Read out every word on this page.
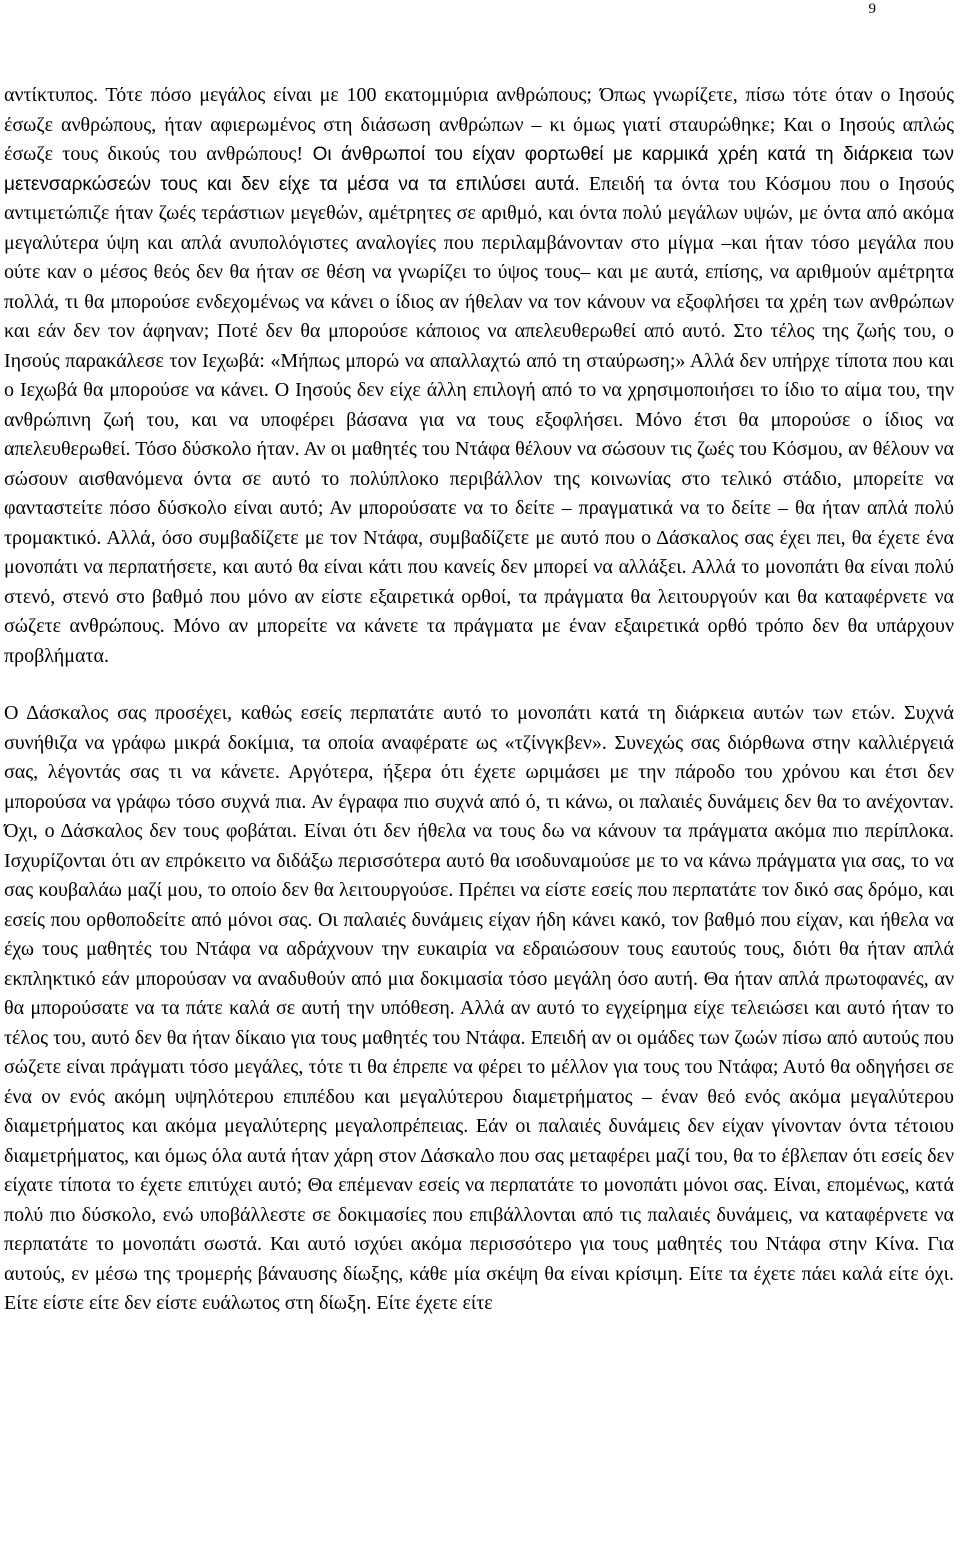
9

αντίκτυπος. Τότε πόσο μεγάλος είναι με 100 εκατομμύρια ανθρώπους; Όπως γνωρίζετε, πίσω τότε όταν ο Ιησούς έσωζε ανθρώπους, ήταν αφιερωμένος στη διάσωση ανθρώπων – κι όμως γιατί σταυρώθηκε; Και ο Ιησούς απλώς έσωζε τους δικούς του ανθρώπους! Οι άνθρωποί του είχαν φορτωθεί με καρμικά χρέη κατά τη διάρκεια των μετενσαρκώσεών τους και δεν είχε τα μέσα να τα επιλύσει αυτά. Επειδή τα όντα του Κόσμου που ο Ιησούς αντιμετώπιζε ήταν ζωές τεράστιων μεγεθών, αμέτρητες σε αριθμό, και όντα πολύ μεγάλων υψών, με όντα από ακόμα μεγαλύτερα ύψη και απλά ανυπολόγιστες αναλογίες που περιλαμβάνονταν στο μίγμα –και ήταν τόσο μεγάλα που ούτε καν ο μέσος θεός δεν θα ήταν σε θέση να γνωρίζει το ύψος τους– και με αυτά, επίσης, να αριθμούν αμέτρητα πολλά, τι θα μπορούσε ενδεχομένως να κάνει ο ίδιος αν ήθελαν να τον κάνουν να εξοφλήσει τα χρέη των ανθρώπων και εάν δεν τον άφηναν; Ποτέ δεν θα μπορούσε κάποιος να απελευθερωθεί από αυτό. Στο τέλος της ζωής του, ο Ιησούς παρακάλεσε τον Ιεχωβά: «Μήπως μπορώ να απαλλαχτώ από τη σταύρωση;» Αλλά δεν υπήρχε τίποτα που και ο Ιεχωβά θα μπορούσε να κάνει. Ο Ιησούς δεν είχε άλλη επιλογή από το να χρησιμοποιήσει το ίδιο το αίμα του, την ανθρώπινη ζωή του, και να υποφέρει βάσανα για να τους εξοφλήσει. Μόνο έτσι θα μπορούσε ο ίδιος να απελευθερωθεί. Τόσο δύσκολο ήταν. Αν οι μαθητές του Ντάφα θέλουν να σώσουν τις ζωές του Κόσμου, αν θέλουν να σώσουν αισθανόμενα όντα σε αυτό το πολύπλοκο περιβάλλον της κοινωνίας στο τελικό στάδιο, μπορείτε να φανταστείτε πόσο δύσκολο είναι αυτό; Αν μπορούσατε να το δείτε – πραγματικά να το δείτε – θα ήταν απλά πολύ τρομακτικό. Αλλά, όσο συμβαδίζετε με τον Ντάφα, συμβαδίζετε με αυτό που ο Δάσκαλος σας έχει πει, θα έχετε ένα μονοπάτι να περπατήσετε, και αυτό θα είναι κάτι που κανείς δεν μπορεί να αλλάξει. Αλλά το μονοπάτι θα είναι πολύ στενό, στενό στο βαθμό που μόνο αν είστε εξαιρετικά ορθοί, τα πράγματα θα λειτουργούν και θα καταφέρνετε να σώζετε ανθρώπους. Μόνο αν μπορείτε να κάνετε τα πράγματα με έναν εξαιρετικά ορθό τρόπο δεν θα υπάρχουν προβλήματα.

Ο Δάσκαλος σας προσέχει, καθώς εσείς περπατάτε αυτό το μονοπάτι κατά τη διάρκεια αυτών των ετών. Συχνά συνήθιζα να γράφω μικρά δοκίμια, τα οποία αναφέρατε ως «τζίνγκβεν». Συνεχώς σας διόρθωνα στην καλλιέργειά σας, λέγοντάς σας τι να κάνετε. Αργότερα, ήξερα ότι έχετε ωριμάσει με την πάροδο του χρόνου και έτσι δεν μπορούσα να γράφω τόσο συχνά πια. Αν έγραφα πιο συχνά από ό, τι κάνω, οι παλαιές δυνάμεις δεν θα το ανέχονταν. Όχι, ο Δάσκαλος δεν τους φοβάται. Είναι ότι δεν ήθελα να τους δω να κάνουν τα πράγματα ακόμα πιο περίπλοκα. Ισχυρίζονται ότι αν επρόκειτο να διδάξω περισσότερα αυτό θα ισοδυναμούσε με το να κάνω πράγματα για σας, το να σας κουβαλάω μαζί μου, το οποίο δεν θα λειτουργούσε. Πρέπει να είστε εσείς που περπατάτε τον δικό σας δρόμο, και εσείς που ορθοποδείτε από μόνοι σας. Οι παλαιές δυνάμεις είχαν ήδη κάνει κακό, τον βαθμό που είχαν, και ήθελα να έχω τους μαθητές του Ντάφα να αδράχνουν την ευκαιρία να εδραιώσουν τους εαυτούς τους, διότι θα ήταν απλά εκπληκτικό εάν μπορούσαν να αναδυθούν από μια δοκιμασία τόσο μεγάλη όσο αυτή. Θα ήταν απλά πρωτοφανές, αν θα μπορούσατε να τα πάτε καλά σε αυτή την υπόθεση. Αλλά αν αυτό το εγχείρημα είχε τελειώσει και αυτό ήταν το τέλος του, αυτό δεν θα ήταν δίκαιο για τους μαθητές του Ντάφα. Επειδή αν οι ομάδες των ζωών πίσω από αυτούς που σώζετε είναι πράγματι τόσο μεγάλες, τότε τι θα έπρεπε να φέρει το μέλλον για τους του Ντάφα; Αυτό θα οδηγήσει σε ένα ον ενός ακόμη υψηλότερου επιπέδου και μεγαλύτερου διαμετρήματος – έναν θεό ενός ακόμα μεγαλύτερου διαμετρήματος και ακόμα μεγαλύτερης μεγαλοπρέπειας. Εάν οι παλαιές δυνάμεις δεν είχαν γίνονταν όντα τέτοιου διαμετρήματος, και όμως όλα αυτά ήταν χάρη στον Δάσκαλο που σας μεταφέρει μαζί του, θα το έβλεπαν ότι εσείς δεν είχατε τίποτα το έχετε επιτύχει αυτό; Θα επέμεναν εσείς να περπατάτε το μονοπάτι μόνοι σας. Είναι, επομένως, κατά πολύ πιο δύσκολο, ενώ υποβάλλεστε σε δοκιμασίες που επιβάλλονται από τις παλαιές δυνάμεις, να καταφέρνετε να περπατάτε το μονοπάτι σωστά. Και αυτό ισχύει ακόμα περισσότερο για τους μαθητές του Ντάφα στην Κίνα. Για αυτούς, εν μέσω της τρομερής βάναυσης δίωξης, κάθε μία σκέψη θα είναι κρίσιμη. Είτε τα έχετε πάει καλά είτε όχι. Είτε είστε είτε δεν είστε ευάλωτος στη δίωξη. Είτε έχετε είτε
